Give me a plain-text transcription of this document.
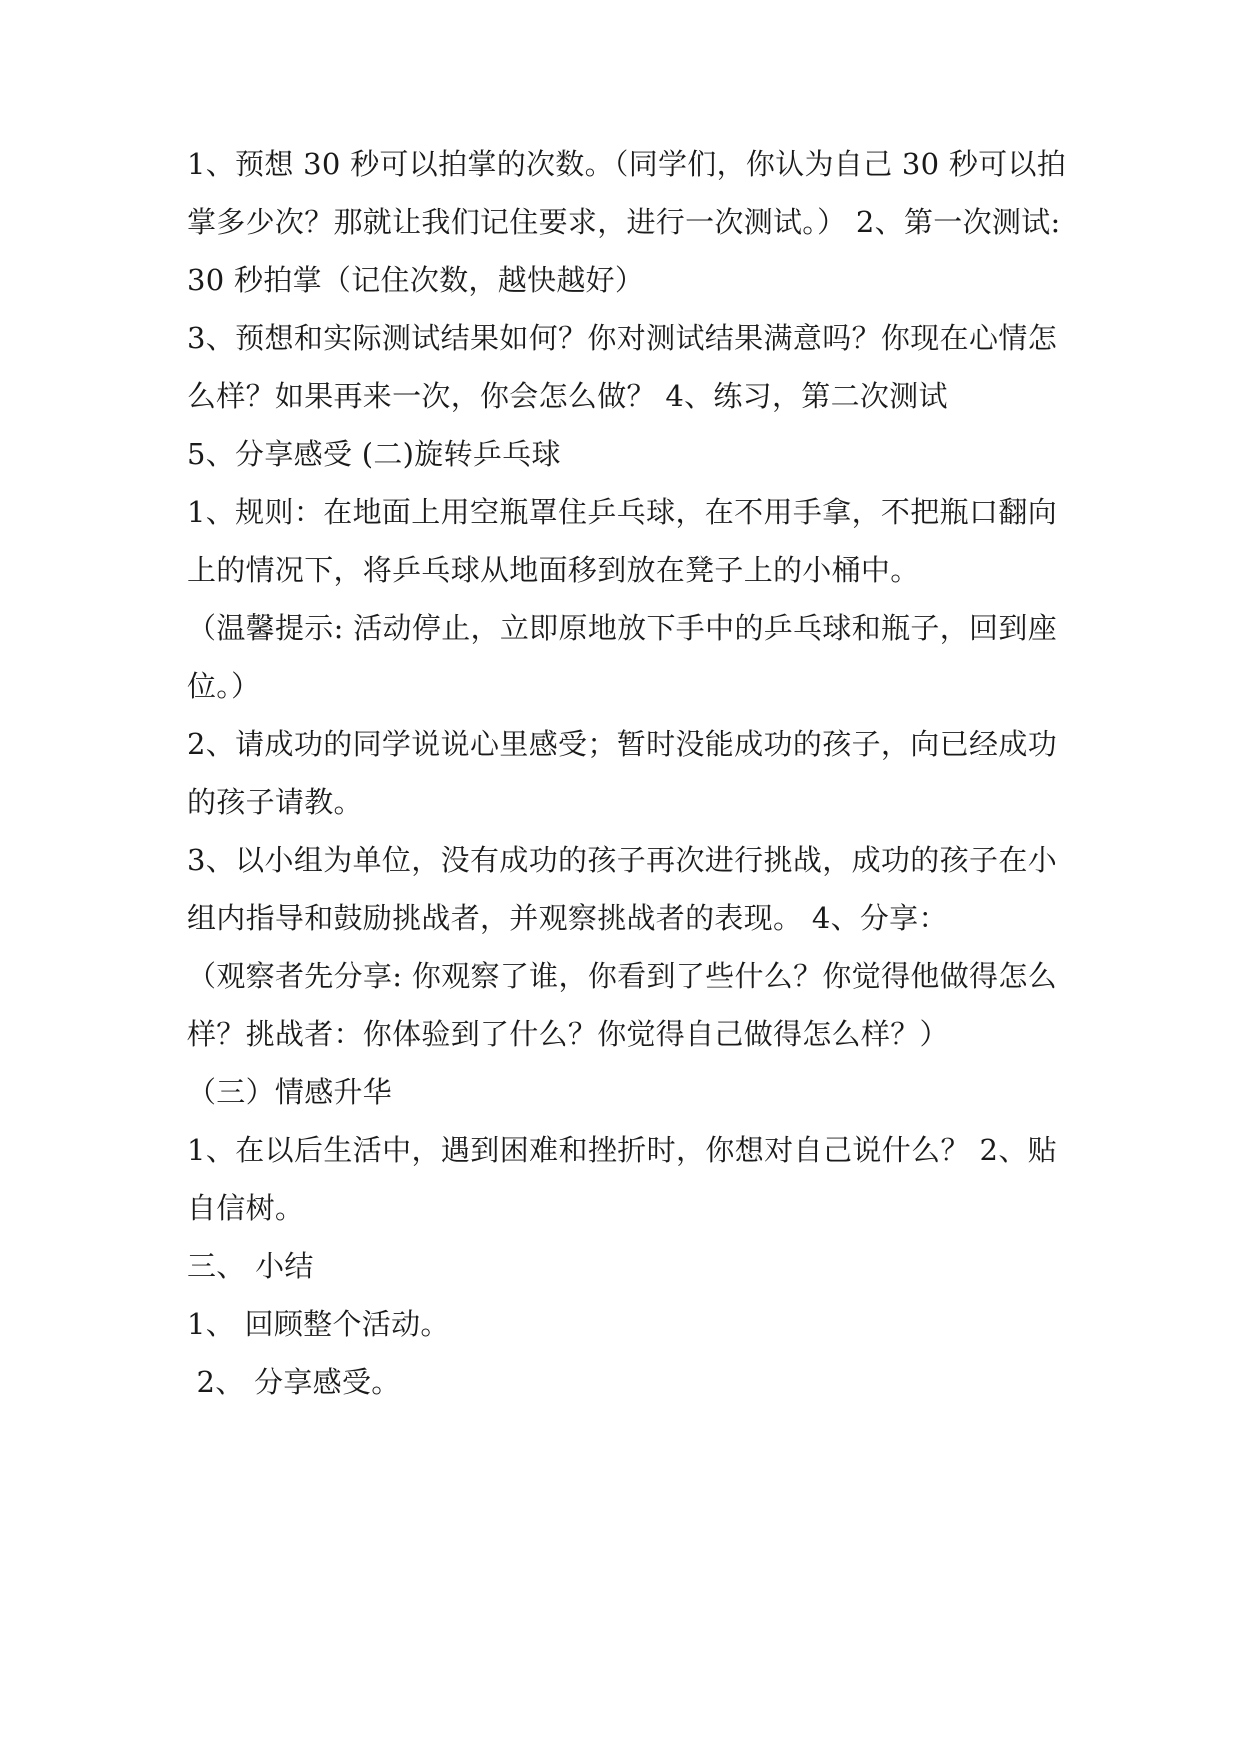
1、预想 30 秒可以拍掌的次数。（同学们，你认为自己 30 秒可以拍
掌多少次？那就让我们记住要求，进行一次测试。） 2、第一次测试:
30 秒拍掌（记住次数，越快越好）
3、预想和实际测试结果如何？你对测试结果满意吗？你现在心情怎
么样？如果再来一次，你会怎么做？ 4、练习，第二次测试
5、分享感受 (二)旋转乒乓球
1、规则：在地面上用空瓶罩住乒乓球，在不用手拿，不把瓶口翻向
上的情况下，将乒乓球从地面移到放在凳子上的小桶中。
（温馨提示: 活动停止，立即原地放下手中的乒乓球和瓶子，回到座
位。）
2、请成功的同学说说心里感受；暂时没能成功的孩子，向已经成功
的孩子请教。
3、以小组为单位，没有成功的孩子再次进行挑战，成功的孩子在小
组内指导和鼓励挑战者，并观察挑战者的表现。 4、分享：
（观察者先分享: 你观察了谁，你看到了些什么？你觉得他做得怎么
样？挑战者：你体验到了什么？你觉得自己做得怎么样？）
（三）情感升华
1、在以后生活中，遇到困难和挫折时，你想对自己说什么？ 2、贴
自信树。
三、 小结
1、 回顾整个活动。
2、 分享感受。
